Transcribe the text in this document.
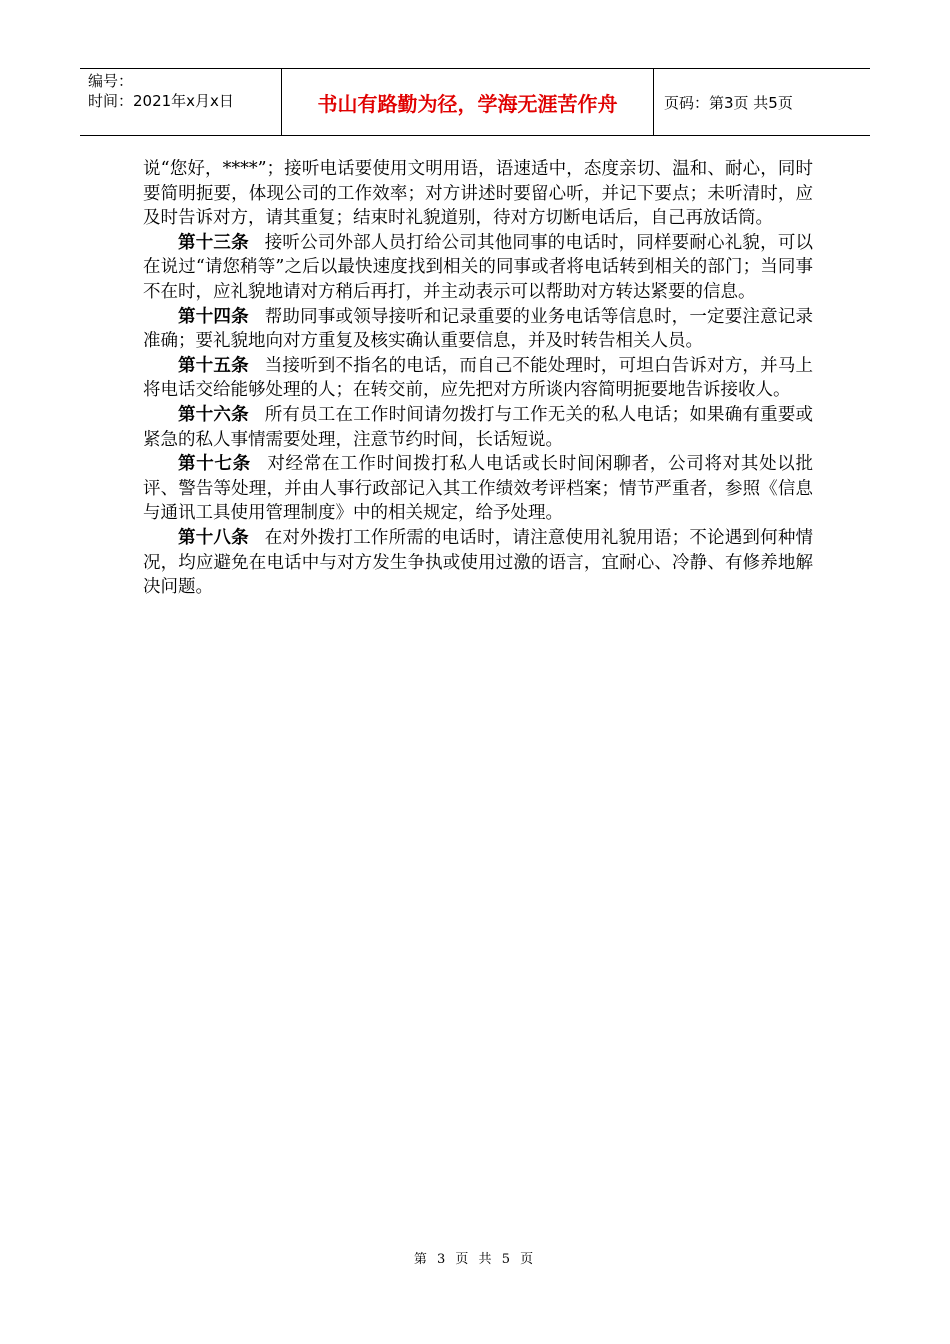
编号：
时间：2021年x月x日	书山有路勤为径，学海无涯苦作舟	页码：第3页 共5页

说“您好，****”；接听电话要使用文明用语，语速适中，态度亲切、温和、耐心，同时要简明扼要，体现公司的工作效率；对方讲述时要留心听，并记下要点；未听清时，应及时告诉对方，请其重复；结束时礼貌道别，待对方切断电话后，自己再放话筒。

第十三条 接听公司外部人员打给公司其他同事的电话时，同样要耐心礼貌，可以在说过“请您稍等”之后以最快速度找到相关的同事或者将电话转到相关的部门；当同事不在时，应礼貌地请对方稍后再打，并主动表示可以帮助对方转达紧要的信息。

第十四条 帮助同事或领导接听和记录重要的业务电话等信息时，一定要注意记录准确；要礼貌地向对方重复及核实确认重要信息，并及时转告相关人员。

第十五条 当接听到不指名的电话，而自己不能处理时，可坦白告诉对方，并马上将电话交给能够处理的人；在转交前，应先把对方所谈内容简明扼要地告诉接收人。

第十六条 所有员工在工作时间请勿拨打与工作无关的私人电话；如果确有重要或紧急的私人事情需要处理，注意节约时间，长话短说。

第十七条 对经常在工作时间拨打私人电话或长时间闲聊者，公司将对其处以批评、警告等处理，并由人事行政部记入其工作绩效考评档案；情节严重者，参照《信息与通讯工具使用管理制度》中的相关规定，给予处理。

第十八条 在对外拨打工作所需的电话时，请注意使用礼貌用语；不论遇到何种情况，均应避免在电话中与对方发生争执或使用过激的语言，宜耐心、冷静、有修养地解决问题。

第 3 页 共 5 页
